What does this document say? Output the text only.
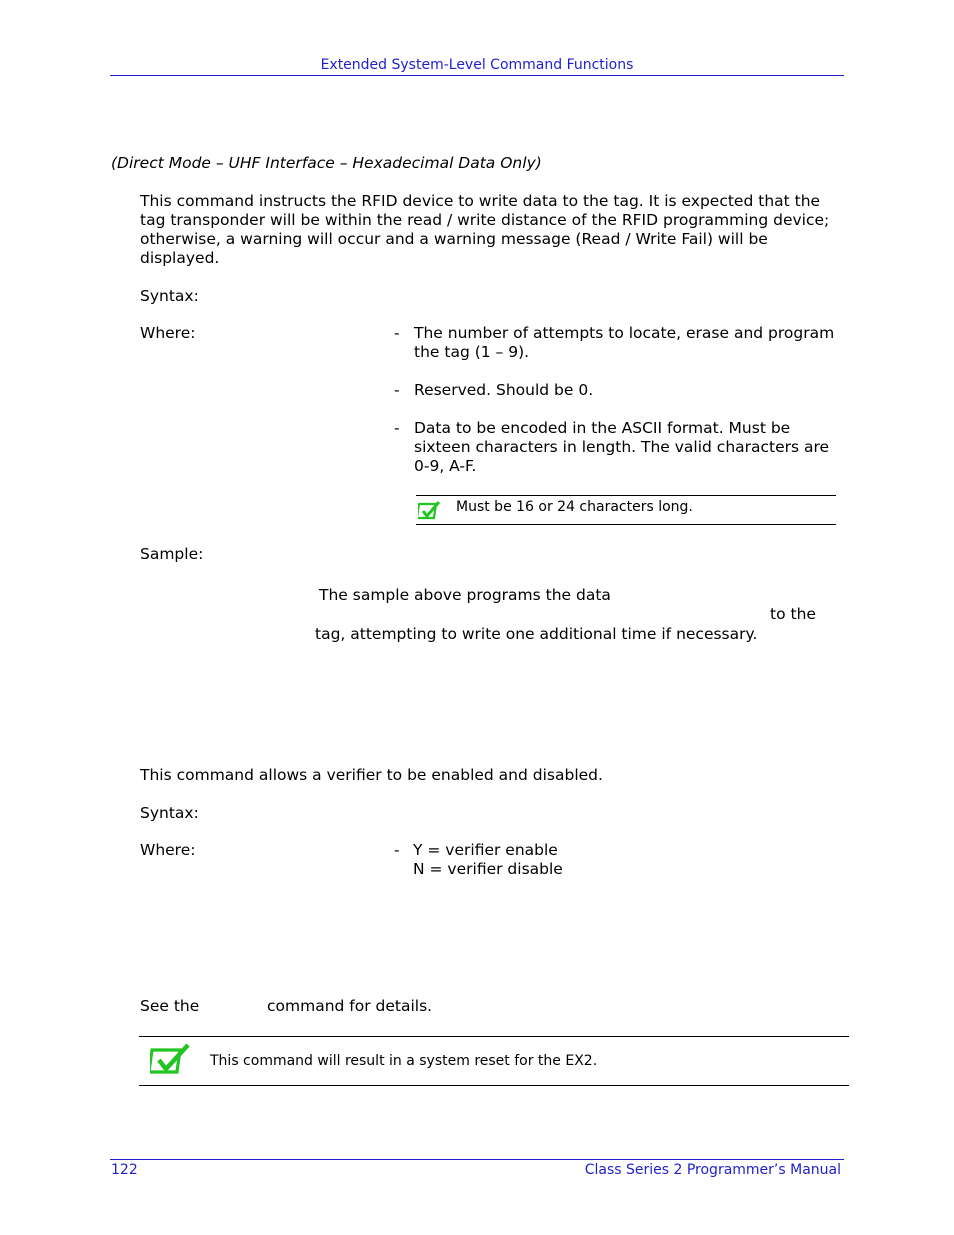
Extended System-Level Command Functions
(Direct Mode – UHF Interface – Hexadecimal Data Only)
This command instructs the RFID device to write data to the tag. It is expected that the
tag transponder will be within the read / write distance of the RFID programming device;
otherwise, a warning will occur and a warning message (Read / Write Fail) will be
displayed.
Syntax:
Where:	- The number of attempts to locate, erase and program
the tag (1 – 9).
- Reserved. Should be 0.
- Data to be encoded in the ASCII format. Must be
sixteen characters in length. The valid characters are
0-9, A-F.
Must be 16 or 24 characters long.
Sample:
The sample above programs the data
to the
tag, attempting to write one additional time if necessary.
This command allows a verifier to be enabled and disabled.
Syntax:
Where:	- Y = verifier enable
N = verifier disable
See the	command for details.
This command will result in a system reset for the EX2.
122	Class Series 2 Programmer’s Manual
